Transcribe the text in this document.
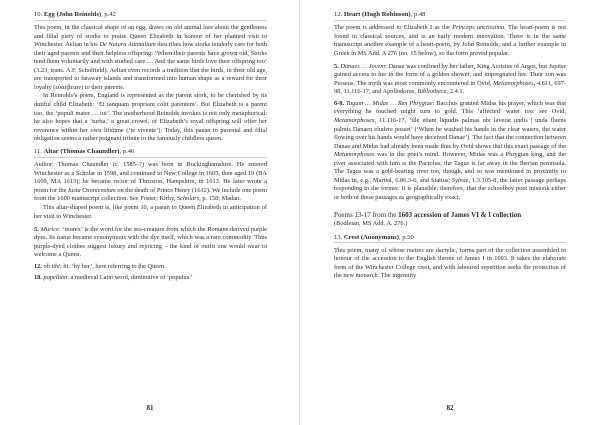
10. Egg (John Reinolds), p.42

This poem, in the classical shape of an egg, draws on old animal lore about the gentleness and filial piety of storks to praise Queen Elizabeth in honour of her planned visit to Winchester. Aelian in his De Natura Animalium describes how storks tenderly care for both their aged parents and their helpless offspring: ‘When their parents have grown old, Storks tend them voluntarily and with studied care … And the same birds love their offspring too’ (3.23, trans. A.F. Scholfield). Aelian even records a tradition that the birds, in their old age, are transported to faraway islands and transformed into human shape as a reward for their loyalty (εὐσέβειαν) to their parents.

In Reinolds’s poem, England is represented as the parent stork, to be cherished by its dutiful child Elizabeth: ‘Et tanquam propriam colit parentem’. But Elizabeth is a parent too, the ‘populi mater … tui’. The motherhood Reinolds invokes is not only metaphorical: he also hopes that a ‘turba,’ a great crowd, of Elizabeth’s royal offspring will offer her reverence within her own lifetime (‘te vivente’). Today, this paean to parental and filial obligation seems a rather poignant tribute to the famously childless queen.

11. Altar (Thomas Chaundler), p.46

Author: Thomas Chaundler (c. 1585–?) was born in Buckinghamshire. He entered Winchester as a Scholar in 1598, and continued to New College in 1605, then aged 19 (BA 1609, MA 1613); he became rector of Thruxton, Hampshire, in 1613. He later wrote a poem for the Iusta Oxoniensium on the death of Prince Henry (1612). We include one poem from the 1600 manuscript collection. See Foster; Kirby, Scholars, p. 158; Madan.

This altar-shaped poem is, like poem 10, a paean to Queen Elizabeth in anticipation of her visit to Winchester.

5. Murice: ‘murex’ is the word for the sea-creature from which the Romans derived purple dyes. Its name became synonymous with the dye itself, which was a rare commodity. Thus purple-dyed clothes suggest luxury and rejoicing – the kind of outfit one would wear to welcome a Queen.

12. ob tibi: lit. ‘by her’, here referring to the Queen.

18. popellum: a medieval Latin word, diminutive of ‘populus.’

81
12. Heart (Hugh Robinson), p.48

The poem is addressed to Elizabeth I as the Princeps unctissima. The heart-poem is not found in classical sources, and is an early modern innovation. There is in the same manuscript another example of a heart-poem, by John Reinolds, and a further example in Greek in MS Add. A 276 (no. 15 below), so the form proved popular.

5. Danaes … Jovem: Danae was confined by her father, King Acrisius of Argos, but Jupiter gained access to her in the form of a golden shower, and impregnated her. Their son was Perseus. The myth was most commonly encountered in Ovid, Metamorphoses, 4.611, 697-98, 11.116-17, and Apollodorus, Bibliotheca, 2.4.1.

6-8. Tagum … Midas … Rex Phrygiae: Bacchus granted Midas his prayer, which was that everything he touched might turn to gold. This ‘affected’ water too: see Ovid, Metamorphoses, 11.116-17, ‘ille etiam liquidis palmas ubi laverat undis | unda fluens palmis Danaen eludere posset’ (‘When he washed his hands in the clear waters, the water flowing over his hands would have deceived Danae’). The fact that the connection between Danae and Midas had already been made thus by Ovid shows that this exact passage of the Metamorphoses was in the poet’s mind. However, Midas was a Phrygian king, and the river associated with him is the Pactolus; the Tagus is far away in the Iberian peninsula. The Tagus was a gold-bearing river too, though, and so was mentioned in proximity to Midas in, e.g., Martial, 6.86.3-6, and Statius, Sylvae, 1.3.105-8, the latter passage perhaps responding to the former. It is plausible, therefore, that the schoolboy poet mistook either or both of these passages as geographically exact.

Poems 13-17 from the 1603 accession of James VI & I collection

(Bodleian, MS Add. A. 276.)

13. Crest (Anonymous), p.50

This poem, many of whose metres are dactylic, forms part of the collection assembled in honour of the accession to the English throne of James I in 1603. It takes the elaborate form of the Winchester College crest, and with laboured repetition seeks the protection of the new monarch. The ingenuity

82
